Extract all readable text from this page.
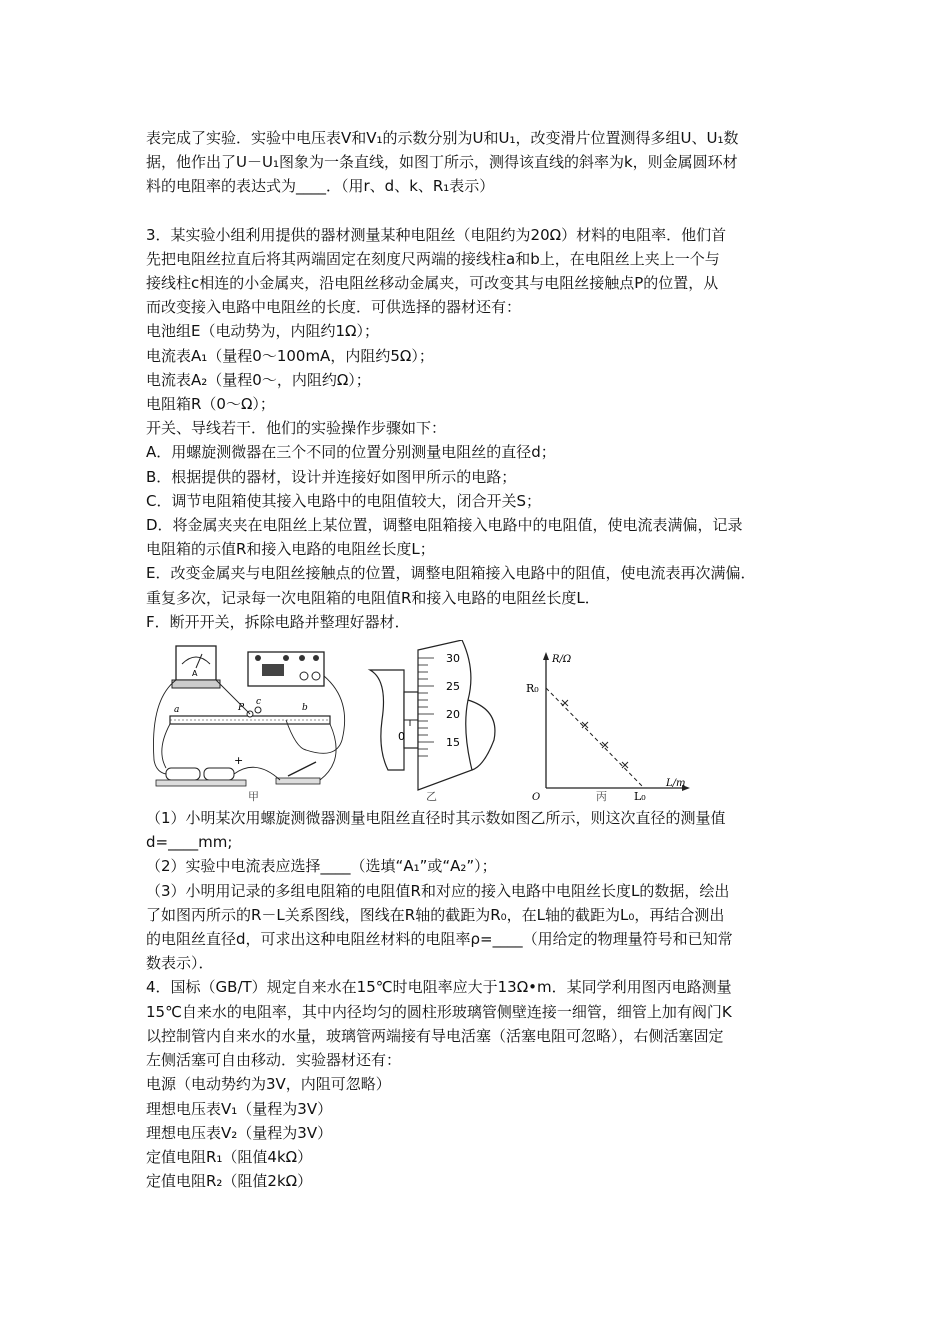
表完成了实验．实验中电压表V和V₁的示数分别为U和U₁，改变滑片位置测得多组U、U₁数

据，他作出了U－U₁图象为一条直线，如图丁所示，测得该直线的斜率为k，则金属圆环材

料的电阻率的表达式为____．（用r、d、k、R₁表示）

3．某实验小组利用提供的器材测量某种电阻丝（电阻约为20Ω）材料的电阻率．他们首

先把电阻丝拉直后将其两端固定在刻度尺两端的接线柱a和b上，在电阻丝上夹上一个与

接线柱c相连的小金属夹，沿电阻丝移动金属夹，可改变其与电阻丝接触点P的位置，从

而改变接入电路中电阻丝的长度．可供选择的器材还有：

电池组E（电动势为，内阻约1Ω）；

电流表A₁（量程0～100mA，内阻约5Ω）；

电流表A₂（量程0～，内阻约Ω）；

电阻箱R（0～Ω）；

开关、导线若干．他们的实验操作步骤如下：

A．用螺旋测微器在三个不同的位置分别测量电阻丝的直径d；

B．根据提供的器材，设计并连接好如图甲所示的电路；

C．调节电阻箱使其接入电路中的电阻值较大，闭合开关S；

D．将金属夹夹在电阻丝上某位置，调整电阻箱接入电路中的电阻值，使电流表满偏，记录

电阻箱的示值R和接入电路的电阻丝长度L；

E．改变金属夹与电阻丝接触点的位置，调整电阻箱接入电路中的阻值，使电流表再次满偏．

重复多次，记录每一次电阻箱的电阻值R和接入电路的电阻丝长度L．

F．断开开关，拆除电路并整理好器材．

A
a	P
c
b
+
甲
0
30
25
20
15
乙
R/Ω
L/m
O
R₀
L₀
丙

（1）小明某次用螺旋测微器测量电阻丝直径时其示数如图乙所示，则这次直径的测量值

d=____mm;

（2）实验中电流表应选择____（选填“A₁”或“A₂”）；

（3）小明用记录的多组电阻箱的电阻值R和对应的接入电路中电阻丝长度L的数据，绘出

了如图丙所示的R－L关系图线，图线在R轴的截距为R₀，在L轴的截距为L₀，再结合测出

的电阻丝直径d，可求出这种电阻丝材料的电阻率ρ=____（用给定的物理量符号和已知常

数表示）．

4．国标（GB/T）规定自来水在15℃时电阻率应大于13Ω•m．某同学利用图丙电路测量

15℃自来水的电阻率，其中内径均匀的圆柱形玻璃管侧壁连接一细管，细管上加有阀门K

以控制管内自来水的水量，玻璃管两端接有导电活塞（活塞电阻可忽略），右侧活塞固定

左侧活塞可自由移动．实验器材还有：

电源（电动势约为3V，内阻可忽略）

理想电压表V₁（量程为3V）

理想电压表V₂（量程为3V）

定值电阻R₁（阻值4kΩ）

定值电阻R₂（阻值2kΩ）
